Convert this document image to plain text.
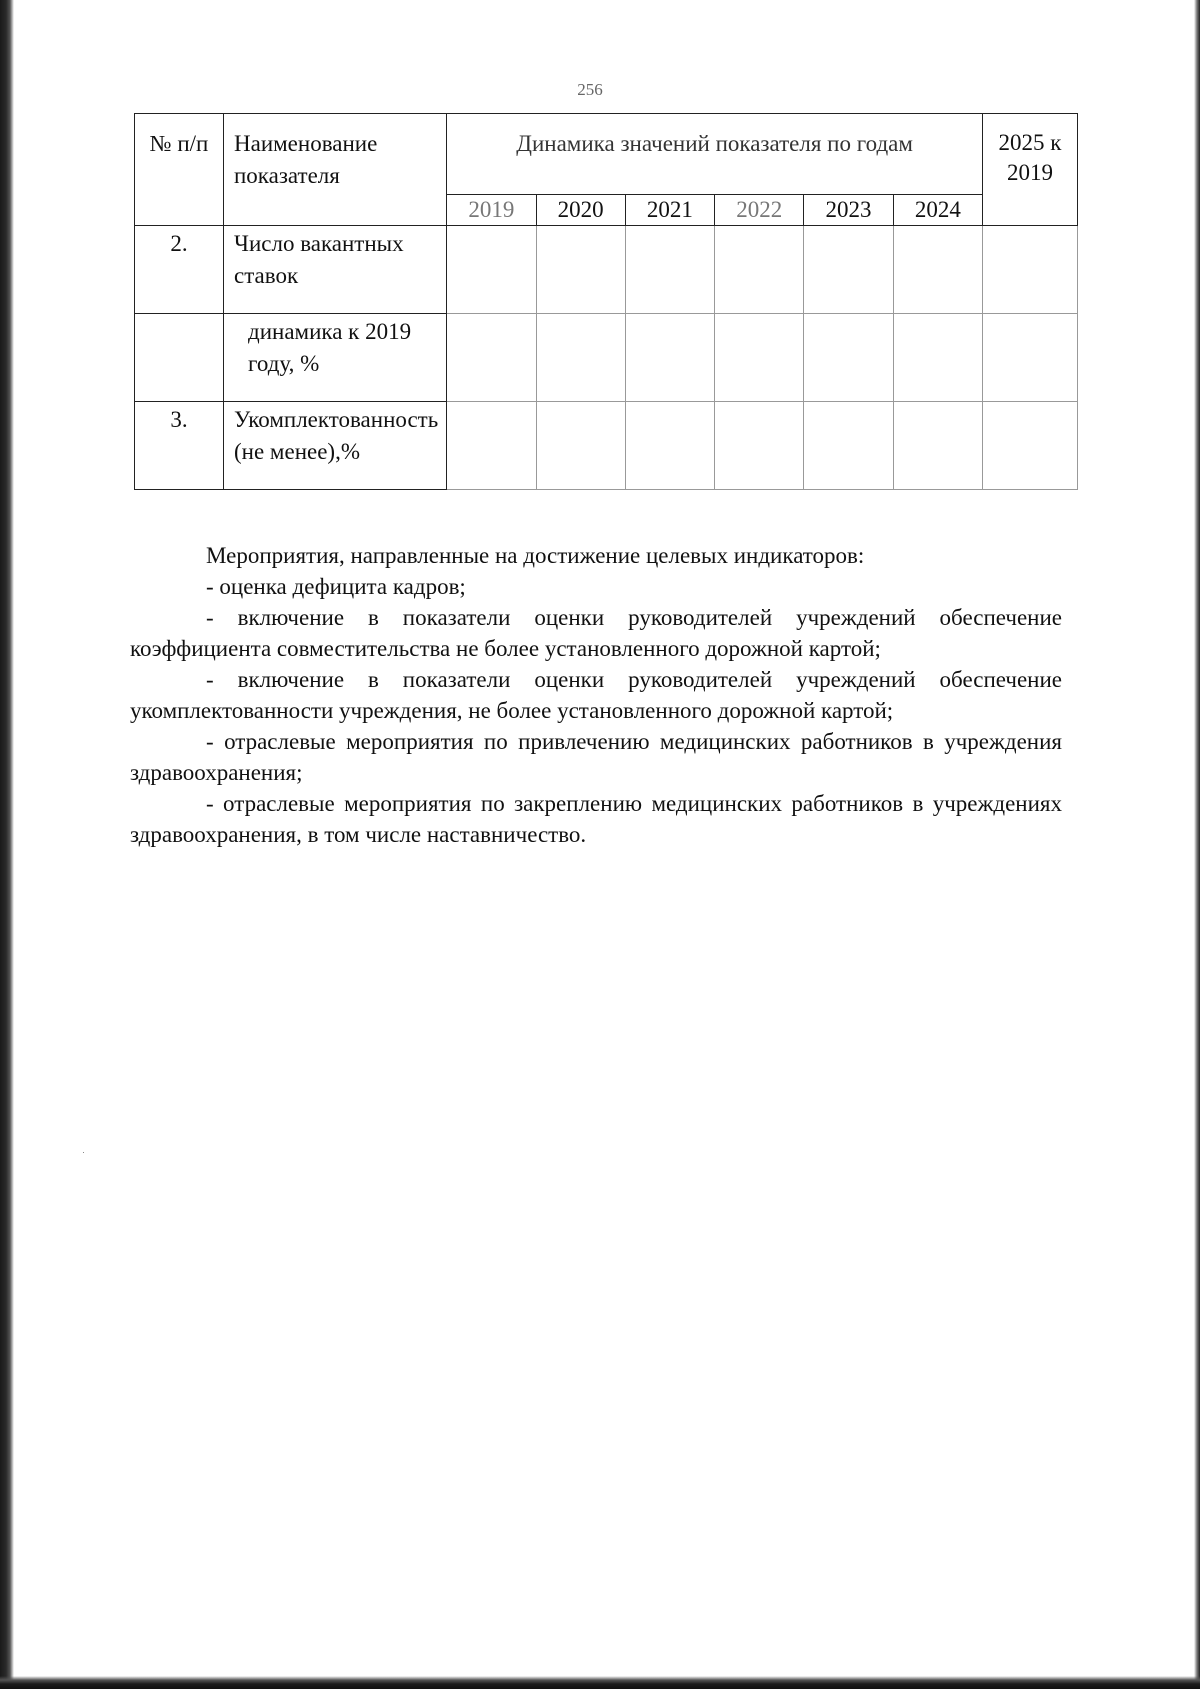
256
№ п/п	Наименование показателя	Динамика значений показателя по годам						2025 к 2019
		2019	2020	2021	2022	2023	2024	
2.	Число вакантных ставок							
	динамика к 2019 году, %							
3.	Укомплектованность (не менее),%							

Мероприятия, направленные на достижение целевых индикаторов:

- оценка дефицита кадров;

- включение в показатели оценки руководителей учреждений обеспечение коэффициента совместительства не более установленного дорожной картой;

- включение в показатели оценки руководителей учреждений обеспечение укомплектованности учреждения, не более установленного дорожной картой;

- отраслевые мероприятия по привлечению медицинских работников в учреждения здравоохранения;

- отраслевые мероприятия по закреплению медицинских работников в учреждениях здравоохранения, в том числе наставничество.
